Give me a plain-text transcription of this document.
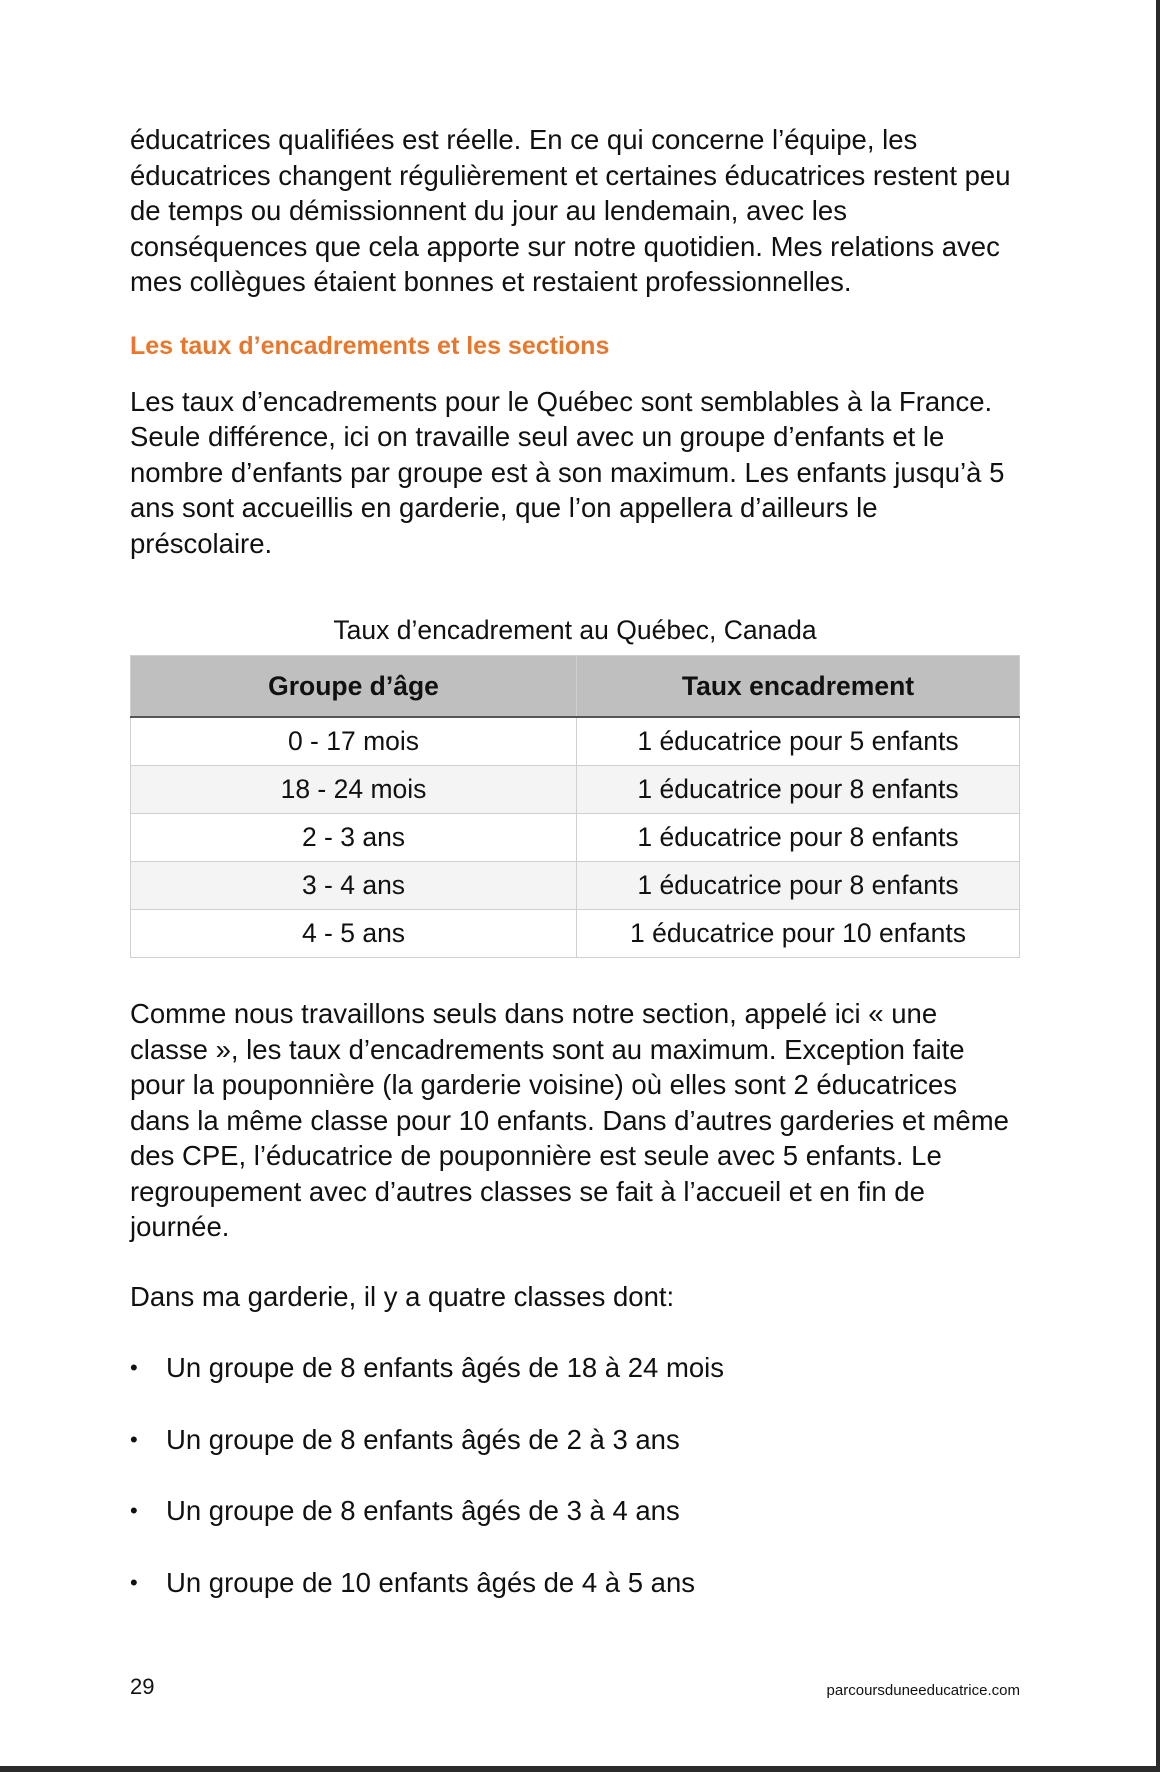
éducatrices qualifiées est réelle. En ce qui concerne l’équipe, les éducatrices changent régulièrement et certaines éducatrices restent peu de temps ou démissionnent du jour au lendemain, avec les conséquences que cela apporte sur notre quotidien. Mes relations avec mes collègues étaient bonnes et restaient professionnelles.

Les taux d’encadrements et les sections

Les taux d’encadrements pour le Québec sont semblables à la France. Seule différence, ici on travaille seul avec un groupe d’enfants et le nombre d’enfants par groupe est à son maximum. Les enfants jusqu’à 5 ans sont accueillis en garderie, que l’on appellera d’ailleurs le préscolaire.

Taux d’encadrement au Québec, Canada
Groupe d’âge	Taux encadrement
0 - 17 mois	1 éducatrice pour 5 enfants
18 - 24 mois	1 éducatrice pour 8 enfants
2 - 3 ans	1 éducatrice pour 8 enfants
3 - 4 ans	1 éducatrice pour 8 enfants
4 - 5 ans	1 éducatrice pour 10 enfants

Comme nous travaillons seuls dans notre section, appelé ici « une classe », les taux d’encadrements sont au maximum. Exception faite pour la pouponnière (la garderie voisine) où elles sont 2 éducatrices dans la même classe pour 10 enfants. Dans d’autres garderies et même des CPE, l’éducatrice de pouponnière est seule avec 5 enfants. Le regroupement avec d’autres classes se fait à l’accueil et en fin de journée.

Dans ma garderie, il y a quatre classes dont:

• Un groupe de 8 enfants âgés de 18 à 24 mois
• Un groupe de 8 enfants âgés de 2 à 3 ans
• Un groupe de 8 enfants âgés de 3 à 4 ans
• Un groupe de 10 enfants âgés de 4 à 5 ans
29	parcoursduneeducatrice.com
